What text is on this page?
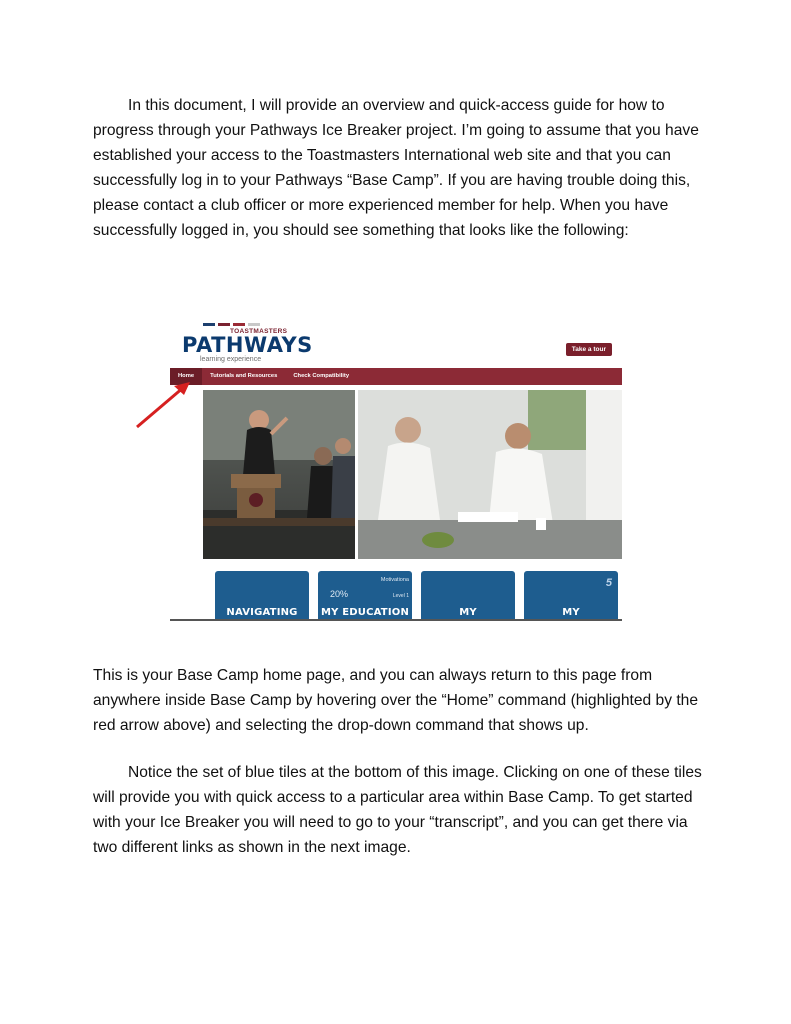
In this document, I will provide an overview and quick-access guide for how to progress through your Pathways Ice Breaker project. I’m going to assume that you have established your access to the Toastmasters International web site and that you can successfully log in to your Pathways “Base Camp”. If you are having trouble doing this, please contact a club officer or more experienced member for help. When you have successfully logged in, you should see something that looks like the following:

TOASTMASTERS
PATHWAYS
learning experience
Take a tour
Home	Tutorials and Resources	Check Compatibility
NAVIGATING
Motivationa
20%	Level 1
MY EDUCATION	MY
5
MY

This is your Base Camp home page, and you can always return to this page from anywhere inside Base Camp by hovering over the “Home” command (highlighted by the red arrow above) and selecting the drop-down command that shows up.

Notice the set of blue tiles at the bottom of this image. Clicking on one of these tiles will provide you with quick access to a particular area within Base Camp. To get started with your Ice Breaker you will need to go to your “transcript”, and you can get there via two different links as shown in the next image.
